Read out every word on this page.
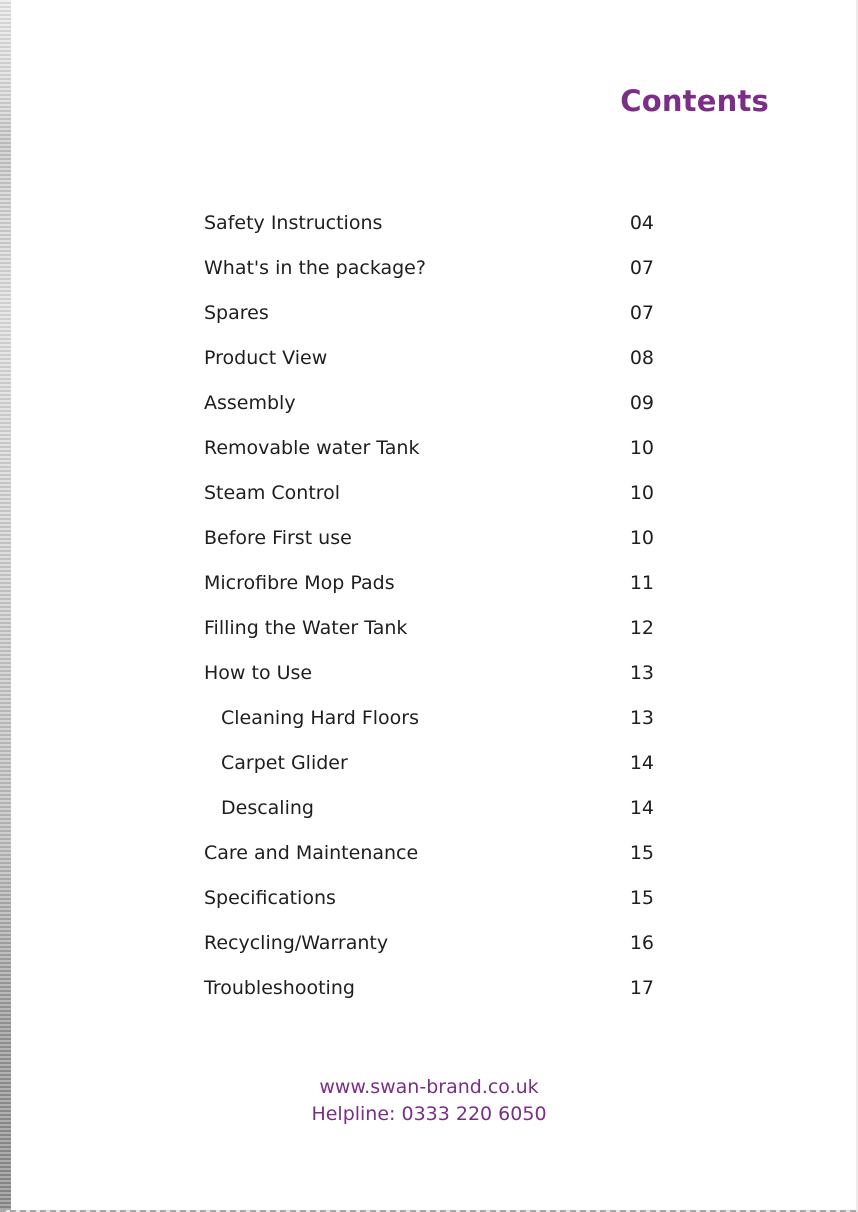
Contents
Safety Instructions	04
What's in the package?	07
Spares	07
Product View	08
Assembly	09
Removable water Tank	10
Steam Control	10
Before First use	10
Microfibre Mop Pads	11
Filling the Water Tank	12
How to Use	13
Cleaning Hard Floors	13
Carpet Glider	14
Descaling	14
Care and Maintenance	15
Specifications	15
Recycling/Warranty	16
Troubleshooting	17
www.swan-brand.co.uk
Helpline: 0333 220 6050
